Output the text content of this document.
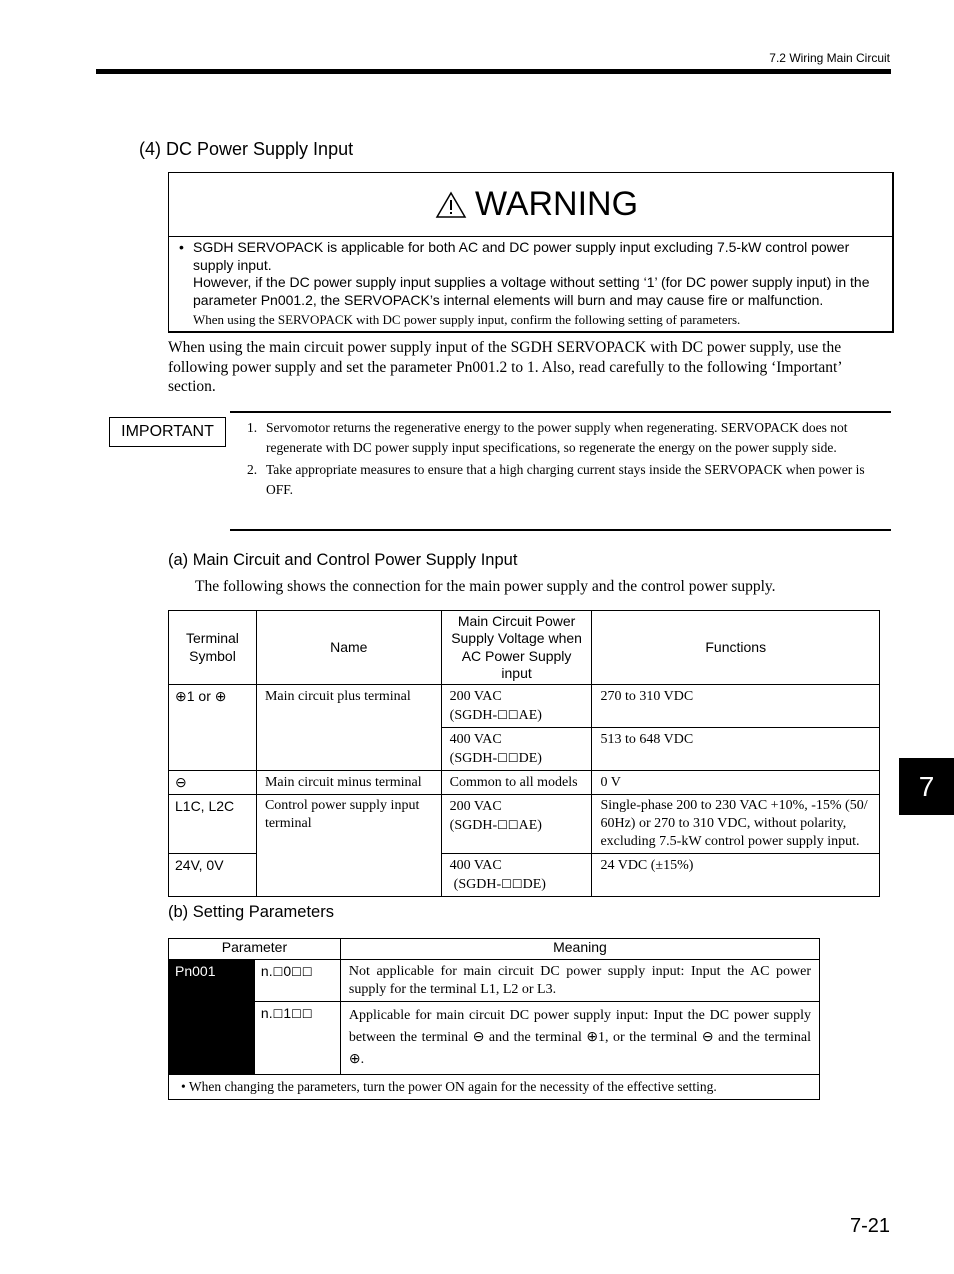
7.2 Wiring Main Circuit
(4) DC Power Supply Input
WARNING
• SGDH SERVOPACK is applicable for both AC and DC power supply input excluding 7.5-kW control power supply input.
However, if the DC power supply input supplies a voltage without setting ‘1’ (for DC power supply input) in the parameter Pn001.2, the SERVOPACK’s internal elements will burn and may cause fire or malfunction.
When using the SERVOPACK with DC power supply input, confirm the following setting of parameters.
When using the main circuit power supply input of the SGDH SERVOPACK with DC power supply, use the following power supply and set the parameter Pn001.2 to 1. Also, read carefully to the following ‘Important’ section.
IMPORTANT	1. Servomotor returns the regenerative energy to the power supply when regenerating. SERVOPACK does not regenerate with DC power supply input specifications, so regenerate the energy on the power supply side.
2. Take appropriate measures to ensure that a high charging current stays inside the SERVOPACK when power is OFF.
(a) Main Circuit and Control Power Supply Input
The following shows the connection for the main power supply and the control power supply.
Terminal Symbol	Name	Main Circuit Power Supply Voltage when AC Power Supply input	Functions

⊕1 or ⊕	Main circuit plus terminal	200 VAC
(SGDH-☐☐AE)	270 to 310 VDC

		400 VAC
(SGDH-☐☐DE)	513 to 648 VDC

⊖	Main circuit minus terminal	Common to all models	0 V

L1C, L2C	Control power supply input terminal	200 VAC
(SGDH-☐☐AE)	Single-phase 200 to 230 VAC +10%, -15% (50/ 60Hz) or 270 to 310 VDC, without polarity, excluding 7.5-kW control power supply input.

24V, 0V		400 VAC
(SGDH-☐☐DE)	24 VDC (±15%)
(b) Setting Parameters
Parameter		Meaning
Pn001	n.☐0☐☐	Not applicable for main circuit DC power supply input: Input the AC power supply for the terminal L1, L2 or L3.
	n.☐1☐☐	Applicable for main circuit DC power supply input: Input the DC power supply between the terminal ⊖ and the terminal ⊕1, or the terminal ⊖ and the terminal ⊕.
• When changing the parameters, turn the power ON again for the necessity of the effective setting.		
7
7-21
